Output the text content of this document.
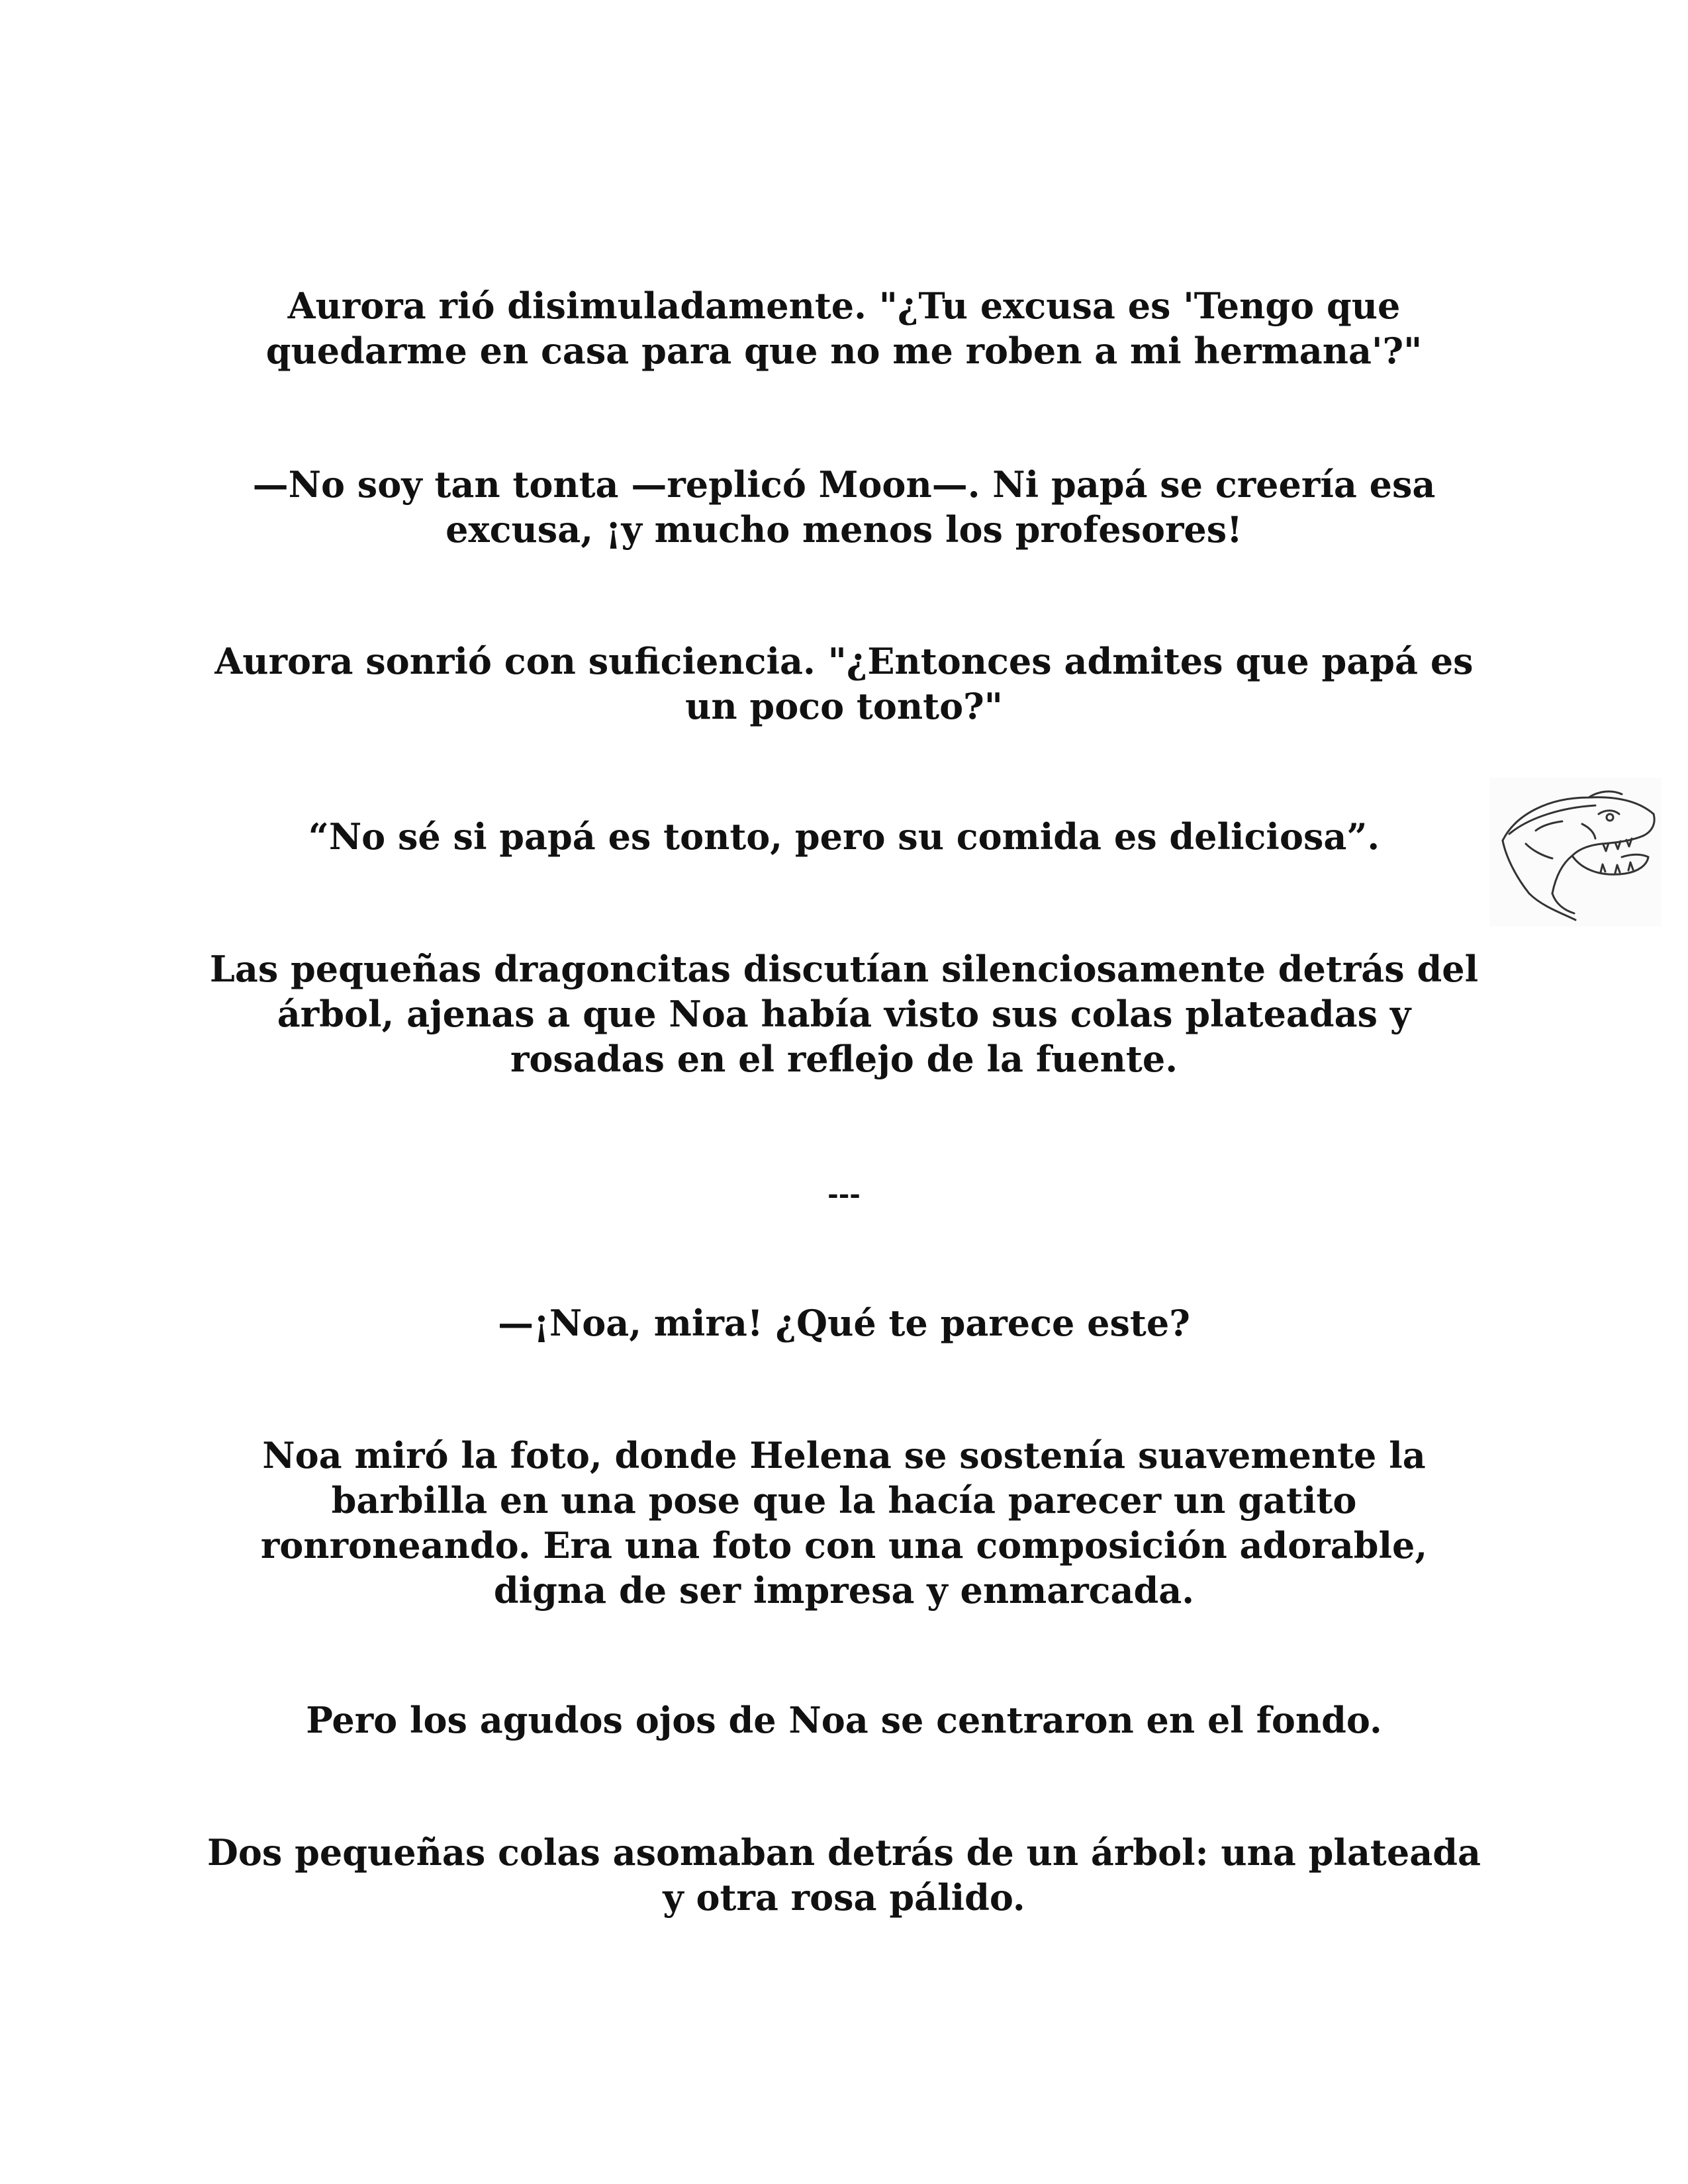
Aurora rió disimuladamente. "¿Tu excusa es 'Tengo que quedarme en casa para que no me roben a mi hermana'?"

—No soy tan tonta —replicó Moon—. Ni papá se creería esa excusa, ¡y mucho menos los profesores!

Aurora sonrió con suficiencia. "¿Entonces admites que papá es un poco tonto?"

“No sé si papá es tonto, pero su comida es deliciosa”.

Las pequeñas dragoncitas discutían silenciosamente detrás del árbol, ajenas a que Noa había visto sus colas plateadas y rosadas en el reflejo de la fuente.

---

—¡Noa, mira! ¿Qué te parece este?

Noa miró la foto, donde Helena se sostenía suavemente la barbilla en una pose que la hacía parecer un gatito ronroneando. Era una foto con una composición adorable, digna de ser impresa y enmarcada.

Pero los agudos ojos de Noa se centraron en el fondo.

Dos pequeñas colas asomaban detrás de un árbol: una plateada y otra rosa pálido.
